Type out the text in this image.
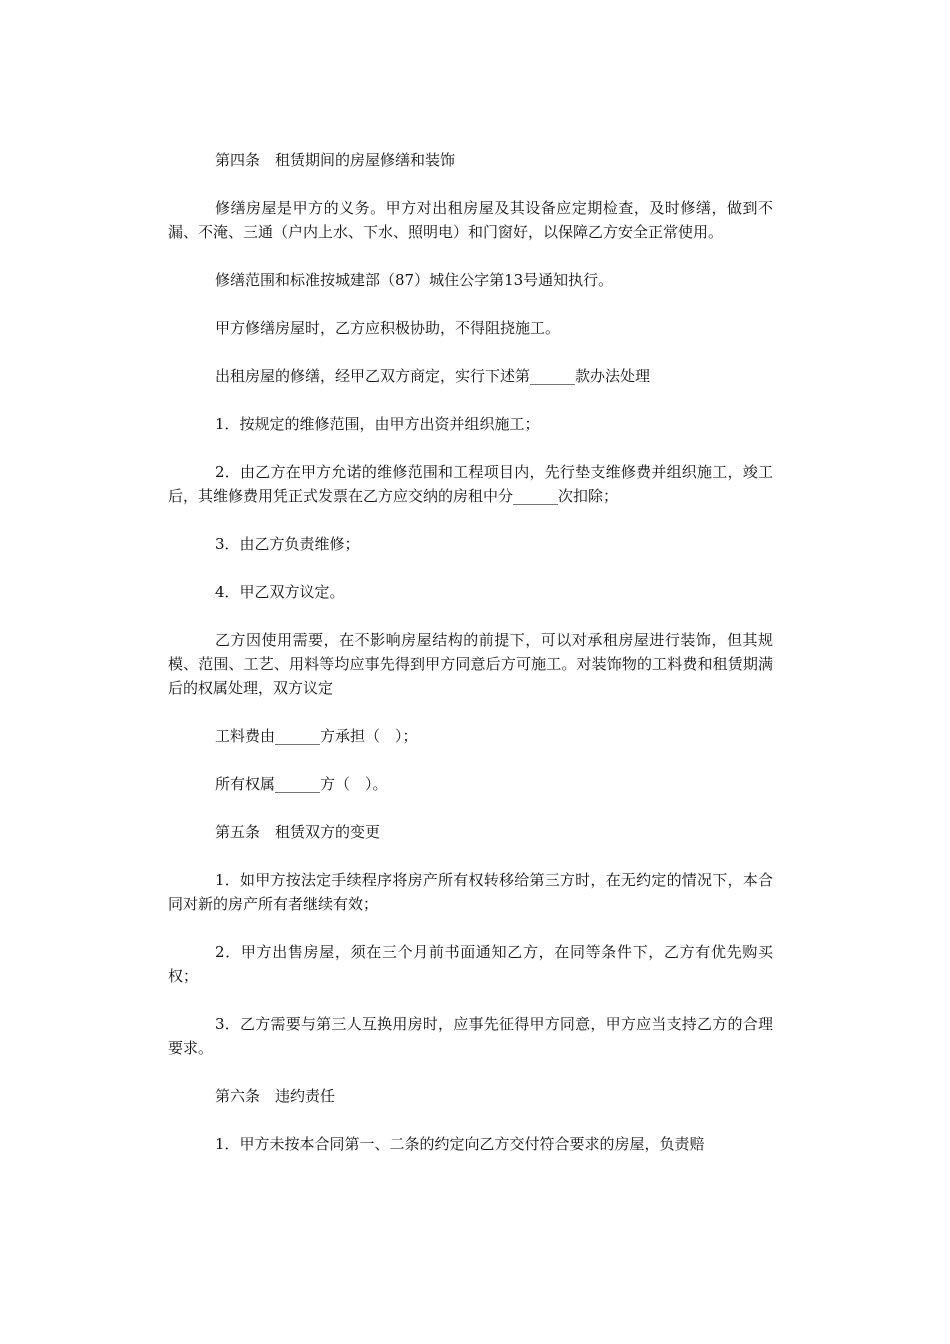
第四条　租赁期间的房屋修缮和装饰

修缮房屋是甲方的义务。甲方对出租房屋及其设备应定期检查，及时修缮，做到不漏、不淹、三通（户内上水、下水、照明电）和门窗好，以保障乙方安全正常使用。

修缮范围和标准按城建部（87）城住公字第13号通知执行。

甲方修缮房屋时，乙方应积极协助，不得阻挠施工。

出租房屋的修缮，经甲乙双方商定，实行下述第______款办法处理

1．按规定的维修范围，由甲方出资并组织施工；

2．由乙方在甲方允诺的维修范围和工程项目内，先行垫支维修费并组织施工，竣工后，其维修费用凭正式发票在乙方应交纳的房租中分______次扣除；

3．由乙方负责维修；

4．甲乙双方议定。

乙方因使用需要，在不影响房屋结构的前提下，可以对承租房屋进行装饰，但其规模、范围、工艺、用料等均应事先得到甲方同意后方可施工。对装饰物的工料费和租赁期满后的权属处理，双方议定

工料费由______方承担（　）；

所有权属______方（　）。

第五条　租赁双方的变更

1．如甲方按法定手续程序将房产所有权转移给第三方时，在无约定的情况下，本合同对新的房产所有者继续有效；

2．甲方出售房屋，须在三个月前书面通知乙方，在同等条件下，乙方有优先购买权；

3．乙方需要与第三人互换用房时，应事先征得甲方同意，甲方应当支持乙方的合理要求。

第六条　违约责任

1．甲方未按本合同第一、二条的约定向乙方交付符合要求的房屋，负责赔
